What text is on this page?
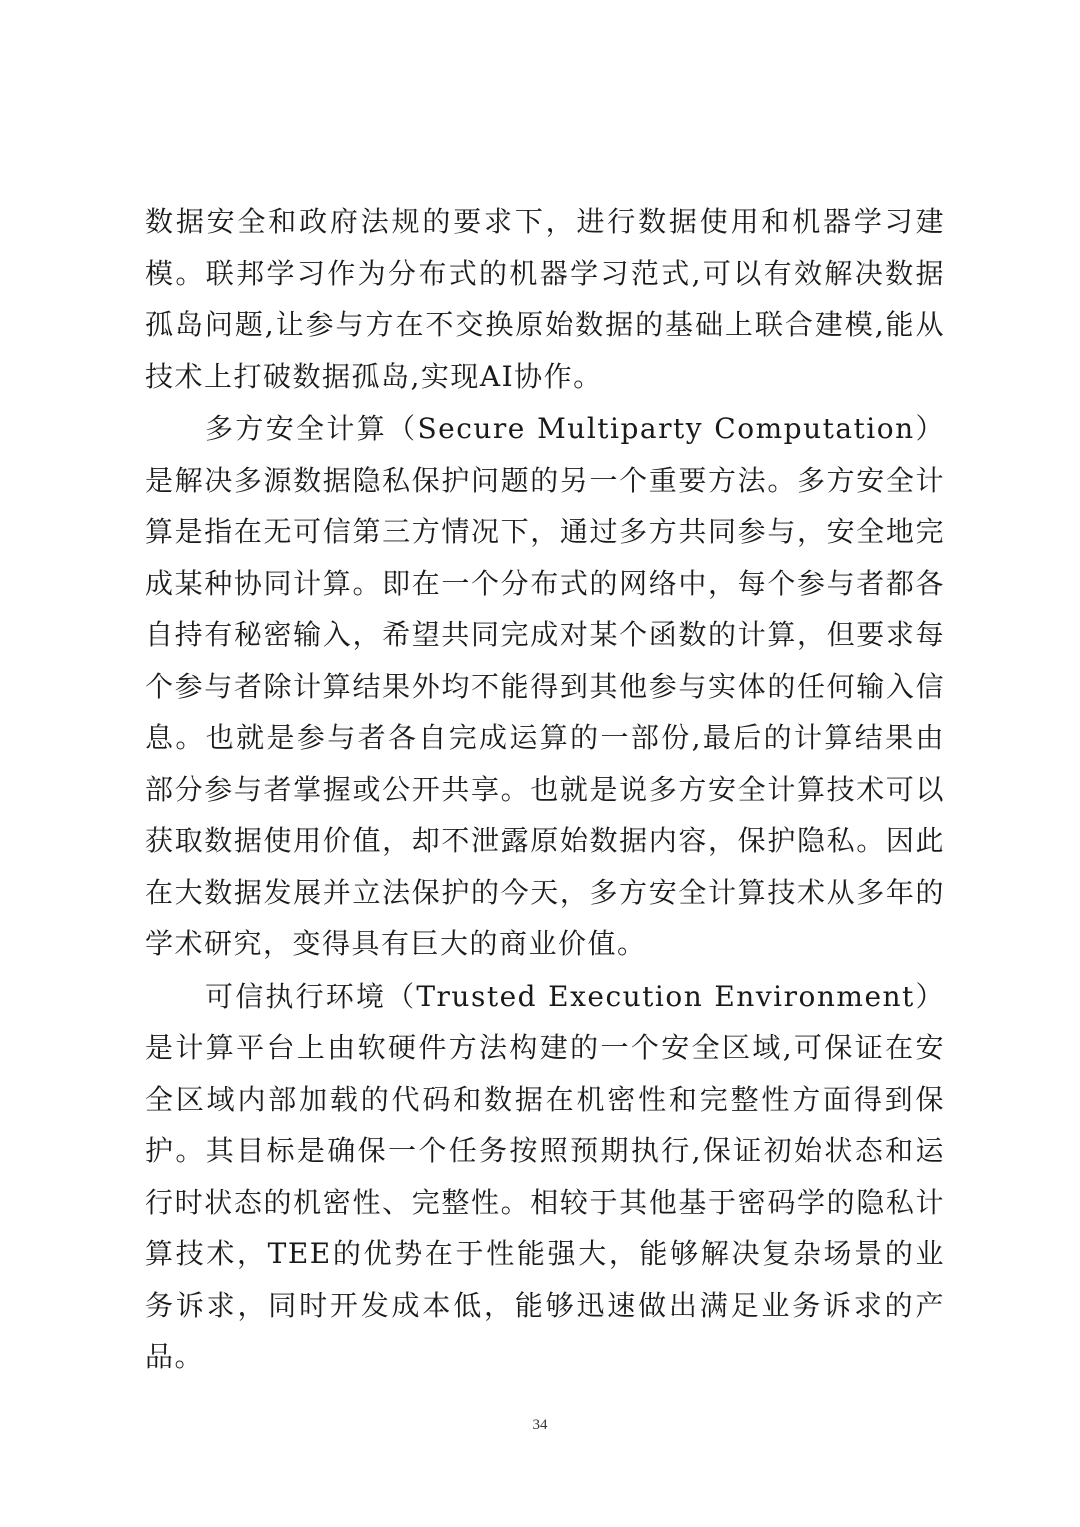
数据安全和政府法规的要求下，进行数据使用和机器学习建模。联邦学习作为分布式的机器学习范式,可以有效解决数据孤岛问题,让参与方在不交换原始数据的基础上联合建模,能从技术上打破数据孤岛,实现AI协作。

多方安全计算（Secure Multiparty Computation）是解决多源数据隐私保护问题的另一个重要方法。多方安全计算是指在无可信第三方情况下，通过多方共同参与，安全地完成某种协同计算。即在一个分布式的网络中，每个参与者都各自持有秘密输入，希望共同完成对某个函数的计算，但要求每个参与者除计算结果外均不能得到其他参与实体的任何输入信息。也就是参与者各自完成运算的一部份,最后的计算结果由部分参与者掌握或公开共享。也就是说多方安全计算技术可以获取数据使用价值，却不泄露原始数据内容，保护隐私。因此在大数据发展并立法保护的今天，多方安全计算技术从多年的学术研究，变得具有巨大的商业价值。

可信执行环境（Trusted Execution Environment）是计算平台上由软硬件方法构建的一个安全区域,可保证在安全区域内部加载的代码和数据在机密性和完整性方面得到保护。其目标是确保一个任务按照预期执行,保证初始状态和运行时状态的机密性、完整性。相较于其他基于密码学的隐私计算技术，TEE的优势在于性能强大，能够解决复杂场景的业务诉求，同时开发成本低，能够迅速做出满足业务诉求的产品。

34
